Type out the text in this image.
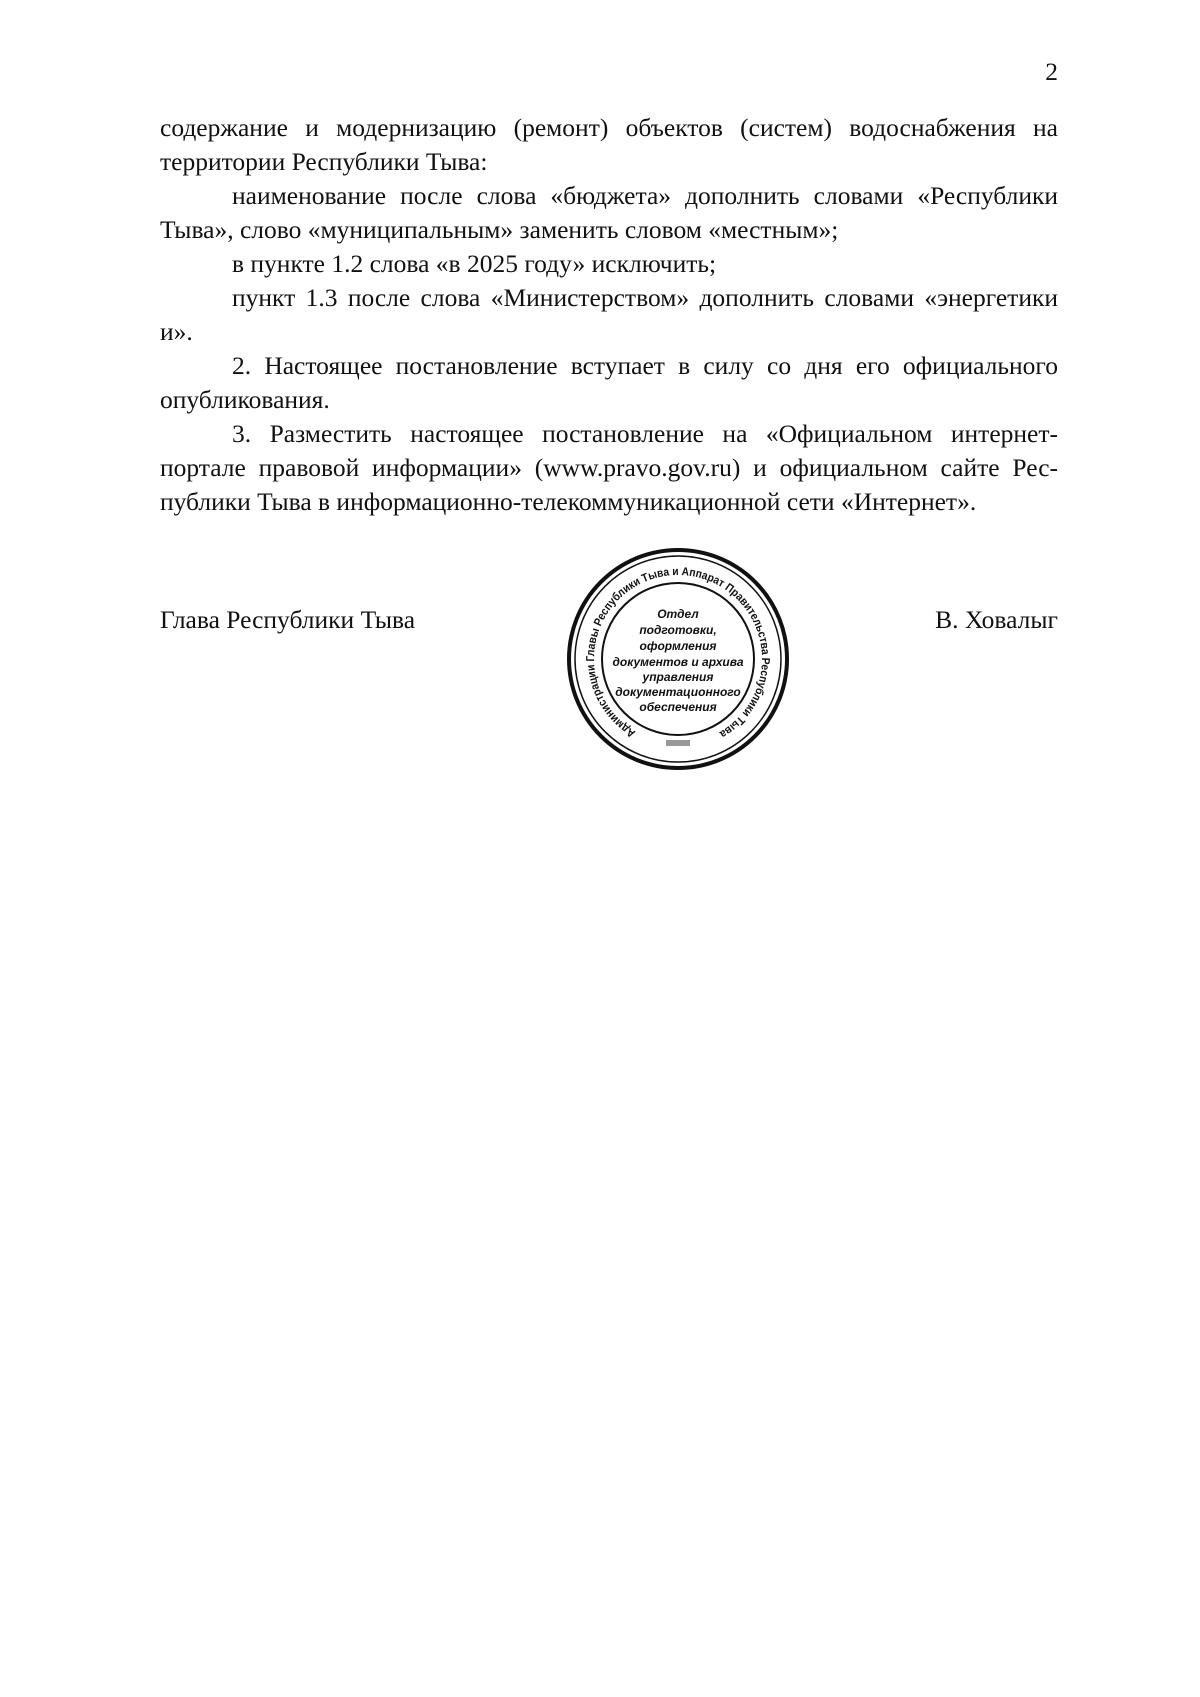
2
содержание и модернизацию (ремонт) объектов (систем) водоснабжения на
территории Республики Тыва:
наименование после слова «бюджета» дополнить словами «Республики
Тыва», слово «муниципальным» заменить словом «местным»;
в пункте 1.2 слова «в 2025 году» исключить;
пункт 1.3 после слова «Министерством» дополнить словами «энергетики
и».
2. Настоящее постановление вступает в силу со дня его официального
опубликования.
3. Разместить настоящее постановление на «Официальном интернет-
портале правовой информации» (www.pravo.gov.ru) и официальном сайте Рес-
публики Тыва в информационно-телекоммуникационной сети «Интернет».
Глава Республики Тыва	В. Ховалыг
Администрации Главы Республики Тыва и Аппарат Правительства Республики Тыва
Отдел
подготовки,
оформления
документов и архива
управления
документационного
обеспечения
